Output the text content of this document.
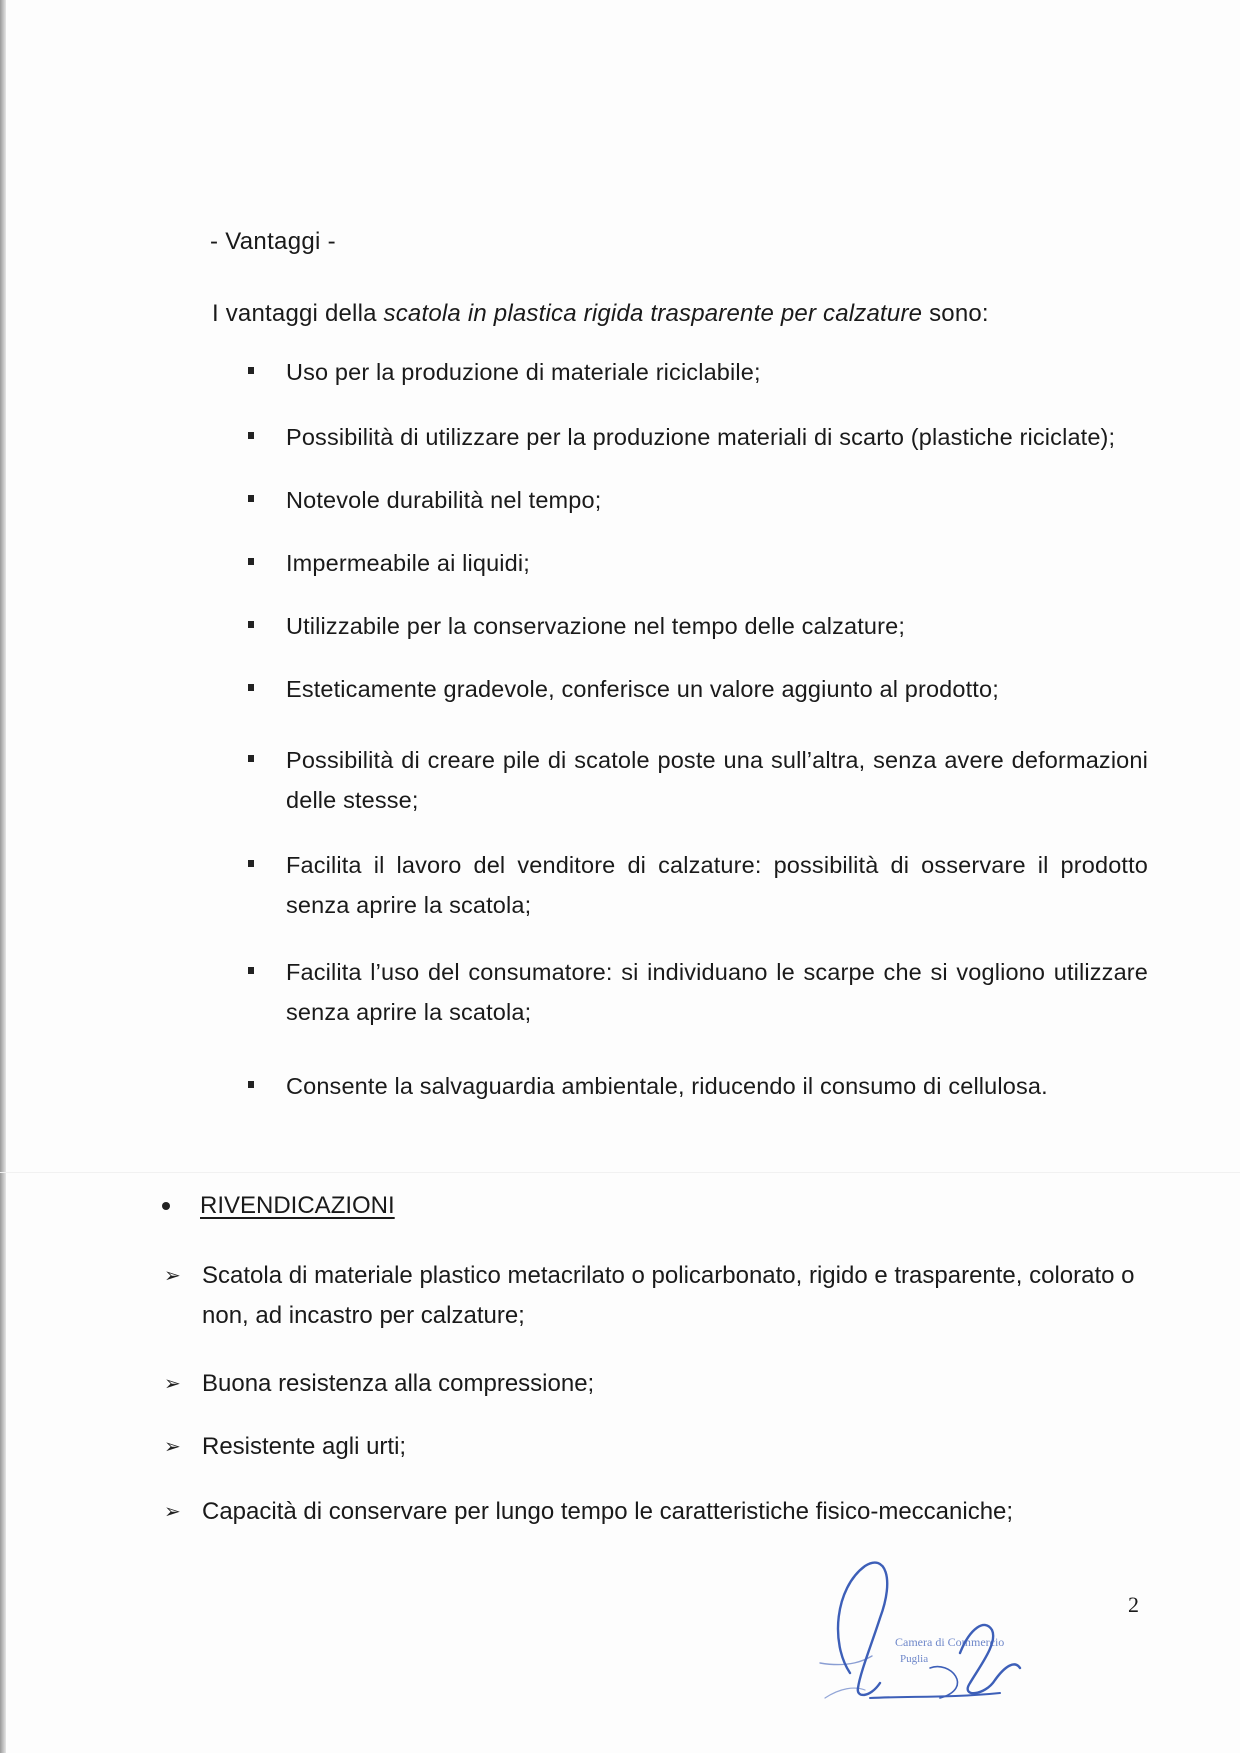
- Vantaggi -
I vantaggi della scatola in plastica rigida trasparente per calzature sono:
Uso per la produzione di materiale riciclabile;
Possibilità di utilizzare per la produzione materiali di scarto (plastiche riciclate);
Notevole durabilità nel tempo;
Impermeabile ai liquidi;
Utilizzabile per la conservazione nel tempo delle calzature;
Esteticamente gradevole, conferisce un valore aggiunto al prodotto;
Possibilità di creare pile di scatole poste una sull’altra, senza avere deformazioni delle stesse;
Facilita il lavoro del venditore di calzature: possibilità di osservare il prodotto senza aprire la scatola;
Facilita l’uso del consumatore: si individuano le scarpe che si vogliono utilizzare senza aprire la scatola;
Consente la salvaguardia ambientale, riducendo il consumo di cellulosa.
RIVENDICAZIONI
➢ Scatola di materiale plastico metacrilato o policarbonato, rigido e trasparente, colorato o non, ad incastro per calzature;
➢ Buona resistenza alla compressione;
➢ Resistente agli urti;
➢ Capacità di conservare per lungo tempo le caratteristiche fisico-meccaniche;
2
Camera di Commercio
Puglia
